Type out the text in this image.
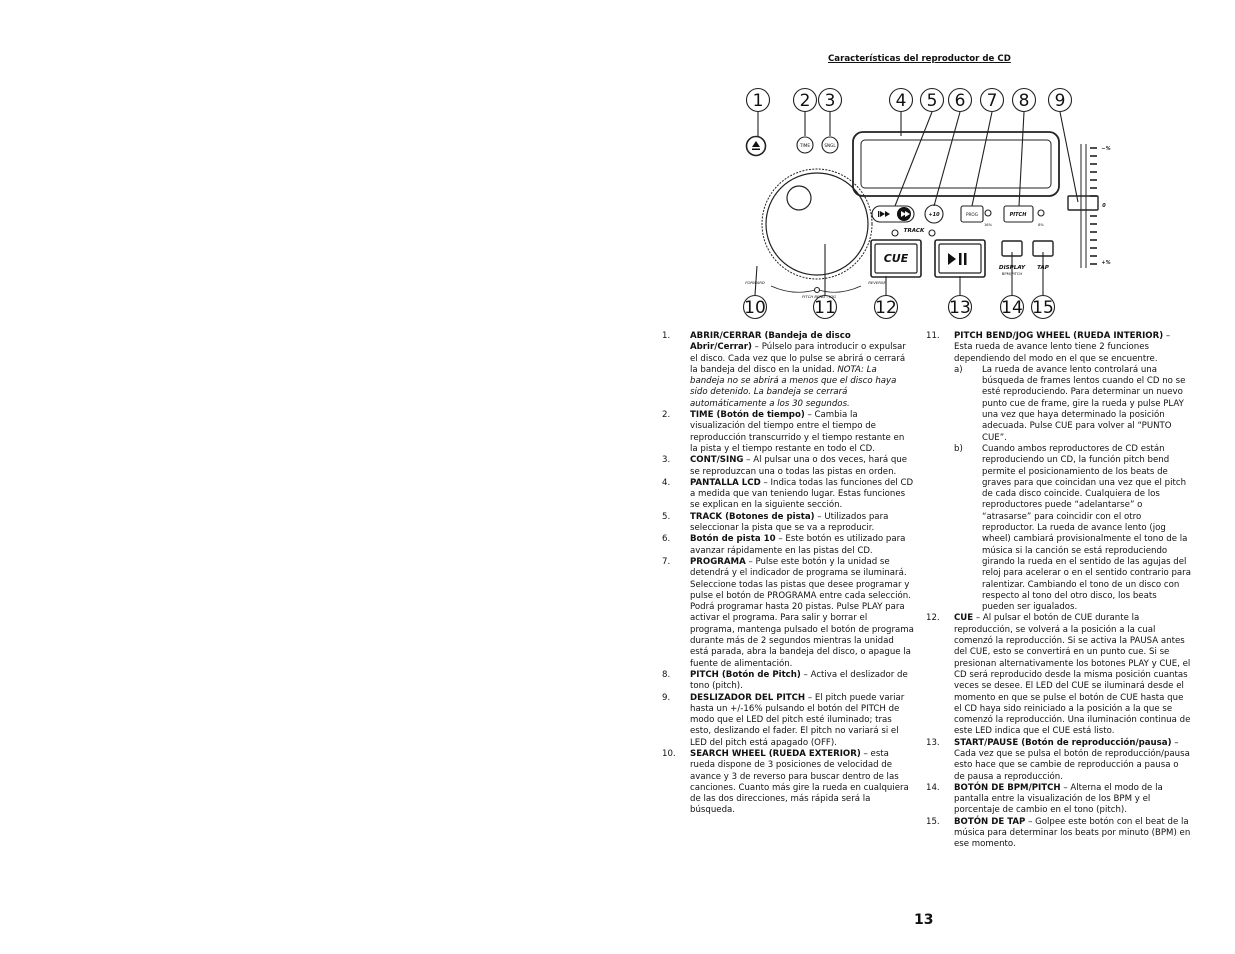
Características del reproductor de CD
1 2 3	4 5 6 7 8 9
10	11 12	13 14 15
TIME	SNGL
+10	PROG	PITCH
16%	8%
TRACK
CUE
DISPLAY
BPM/PITCH
TAP
−%
0
+%
FORWARD	REVERSE
PITCH BEND - JOG
1. ABRIR/CERRAR (Bandeja de disco Abrir/Cerrar) – Púlselo para introducir o expulsar el disco. Cada vez que lo pulse se abrirá o cerrará la bandeja del disco en la unidad. NOTA: La bandeja no se abrirá a menos que el disco haya sido detenido. La bandeja se cerrará automáticamente a los 30 segundos.
2. TIME (Botón de tiempo) – Cambia la visualización del tiempo entre el tiempo de reproducción transcurrido y el tiempo restante en la pista y el tiempo restante en todo el CD.
3. CONT/SING – Al pulsar una o dos veces, hará que se reproduzcan una o todas las pistas en orden.
4. PANTALLA LCD – Indica todas las funciones del CD a medida que van teniendo lugar. Estas funciones se explican en la siguiente sección.
5. TRACK (Botones de pista) – Utilizados para seleccionar la pista que se va a reproducir.
6. Botón de pista 10 – Este botón es utilizado para avanzar rápidamente en las pistas del CD.
7. PROGRAMA – Pulse este botón y la unidad se detendrá y el indicador de programa se iluminará. Seleccione todas las pistas que desee programar y pulse el botón de PROGRAMA entre cada selección. Podrá programar hasta 20 pistas. Pulse PLAY para activar el programa. Para salir y borrar el programa, mantenga pulsado el botón de programa durante más de 2 segundos mientras la unidad está parada, abra la bandeja del disco, o apague la fuente de alimentación.
8. PITCH (Botón de Pitch) – Activa el deslizador de tono (pitch).
9. DESLIZADOR DEL PITCH – El pitch puede variar hasta un +/-16% pulsando el botón del PITCH de modo que el LED del pitch esté iluminado; tras esto, deslizando el fader. El pitch no variará si el LED del pitch está apagado (OFF).
10. SEARCH WHEEL (RUEDA EXTERIOR) – esta rueda dispone de 3 posiciones de velocidad de avance y 3 de reverso para buscar dentro de las canciones. Cuanto más gire la rueda en cualquiera de las dos direcciones, más rápida será la búsqueda.
11. PITCH BEND/JOG WHEEL (RUEDA INTERIOR) – Esta rueda de avance lento tiene 2 funciones dependiendo del modo en el que se encuentre.
a) La rueda de avance lento controlará una búsqueda de frames lentos cuando el CD no se esté reproduciendo. Para determinar un nuevo punto cue de frame, gire la rueda y pulse PLAY una vez que haya determinado la posición adecuada. Pulse CUE para volver al “PUNTO CUE”.
b) Cuando ambos reproductores de CD están reproduciendo un CD, la función pitch bend permite el posicionamiento de los beats de graves para que coincidan una vez que el pitch de cada disco coincide. Cualquiera de los reproductores puede “adelantarse” o “atrasarse” para coincidir con el otro reproductor. La rueda de avance lento (jog wheel) cambiará provisionalmente el tono de la música si la canción se está reproduciendo girando la rueda en el sentido de las agujas del reloj para acelerar o en el sentido contrario para ralentizar. Cambiando el tono de un disco con respecto al tono del otro disco, los beats pueden ser igualados.
12. CUE – Al pulsar el botón de CUE durante la reproducción, se volverá a la posición a la cual comenzó la reproducción. Si se activa la PAUSA antes del CUE, esto se convertirá en un punto cue. Si se presionan alternativamente los botones PLAY y CUE, el CD será reproducido desde la misma posición cuantas veces se desee. El LED del CUE se iluminará desde el momento en que se pulse el botón de CUE hasta que el CD haya sido reiniciado a la posición a la que se comenzó la reproducción. Una iluminación continua de este LED indica que el CUE está listo.
13. START/PAUSE (Botón de reproducción/pausa) – Cada vez que se pulsa el botón de reproducción/pausa esto hace que se cambie de reproducción a pausa o de pausa a reproducción.
14. BOTÓN DE BPM/PITCH – Alterna el modo de la pantalla entre la visualización de los BPM y el porcentaje de cambio en el tono (pitch).
15. BOTÓN DE TAP – Golpee este botón con el beat de la música para determinar los beats por minuto (BPM) en ese momento.
13
